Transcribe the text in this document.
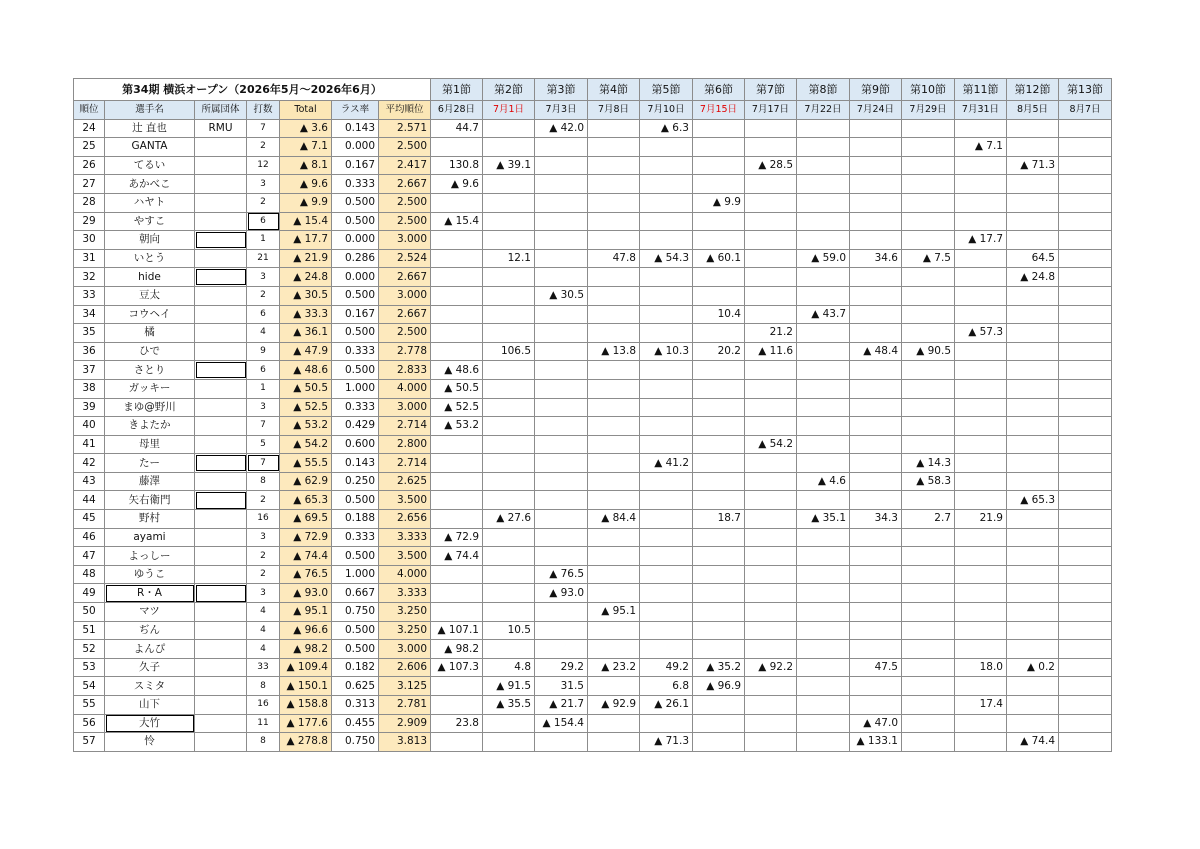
第34期 横浜オープン（2026年5月～2026年6月）							第1節	第2節	第3節	第4節	第5節	第6節	第7節	第8節	第9節	第10節	第11節	第12節	第13節
順位	選手名	所属団体	打数	Total	ラス率	平均順位	6月28日	7月1日	7月3日	7月8日	7月10日	7月15日	7月17日	7月22日	7月24日	7月29日	7月31日	8月5日	8月7日
24	辻 直也	RMU	7	▲ 3.6	0.143	2.571	44.7		▲ 42.0		▲ 6.3								
25	GANTA		2	▲ 7.1	0.000	2.500											▲ 7.1		
26	てるい		12	▲ 8.1	0.167	2.417	130.8	▲ 39.1					▲ 28.5					▲ 71.3	
27	あかべこ		3	▲ 9.6	0.333	2.667	▲ 9.6												
28	ハヤト		2	▲ 9.9	0.500	2.500						▲ 9.9							
29	やすこ		6	▲ 15.4	0.500	2.500	▲ 15.4												
30	朝向		1	▲ 17.7	0.000	3.000											▲ 17.7		
31	いとう		21	▲ 21.9	0.286	2.524		12.1		47.8	▲ 54.3	▲ 60.1		▲ 59.0	34.6	▲ 7.5		64.5	
32	hide		3	▲ 24.8	0.000	2.667												▲ 24.8	
33	豆太		2	▲ 30.5	0.500	3.000			▲ 30.5										
34	コウヘイ		6	▲ 33.3	0.167	2.667						10.4		▲ 43.7					
35	橘		4	▲ 36.1	0.500	2.500							21.2				▲ 57.3		
36	ひで		9	▲ 47.9	0.333	2.778		106.5		▲ 13.8	▲ 10.3	20.2	▲ 11.6		▲ 48.4	▲ 90.5			
37	さとり		6	▲ 48.6	0.500	2.833	▲ 48.6												
38	ガッキー		1	▲ 50.5	1.000	4.000	▲ 50.5												
39	まゆ@野川		3	▲ 52.5	0.333	3.000	▲ 52.5												
40	きよたか		7	▲ 53.2	0.429	2.714	▲ 53.2												
41	母里		5	▲ 54.2	0.600	2.800							▲ 54.2						
42	たー		7	▲ 55.5	0.143	2.714					▲ 41.2					▲ 14.3			
43	藤澤		8	▲ 62.9	0.250	2.625								▲ 4.6		▲ 58.3			
44	矢右衛門		2	▲ 65.3	0.500	3.500												▲ 65.3	
45	野村		16	▲ 69.5	0.188	2.656		▲ 27.6		▲ 84.4		18.7		▲ 35.1	34.3	2.7	21.9		
46	ayami		3	▲ 72.9	0.333	3.333	▲ 72.9												
47	よっしー		2	▲ 74.4	0.500	3.500	▲ 74.4												
48	ゆうこ		2	▲ 76.5	1.000	4.000			▲ 76.5										
49	R・A		3	▲ 93.0	0.667	3.333			▲ 93.0										
50	マツ		4	▲ 95.1	0.750	3.250				▲ 95.1									
51	ぢん		4	▲ 96.6	0.500	3.250	▲ 107.1	10.5											
52	よんぴ		4	▲ 98.2	0.500	3.000	▲ 98.2												
53	久子		33	▲ 109.4	0.182	2.606	▲ 107.3	4.8	29.2	▲ 23.2	49.2	▲ 35.2	▲ 92.2		47.5		18.0	▲ 0.2	
54	スミタ		8	▲ 150.1	0.625	3.125		▲ 91.5	31.5		6.8	▲ 96.9							
55	山下		16	▲ 158.8	0.313	2.781		▲ 35.5	▲ 21.7	▲ 92.9	▲ 26.1						17.4		
56	大竹		11	▲ 177.6	0.455	2.909	23.8		▲ 154.4						▲ 47.0				
57	怜		8	▲ 278.8	0.750	3.813					▲ 71.3				▲ 133.1			▲ 74.4	
